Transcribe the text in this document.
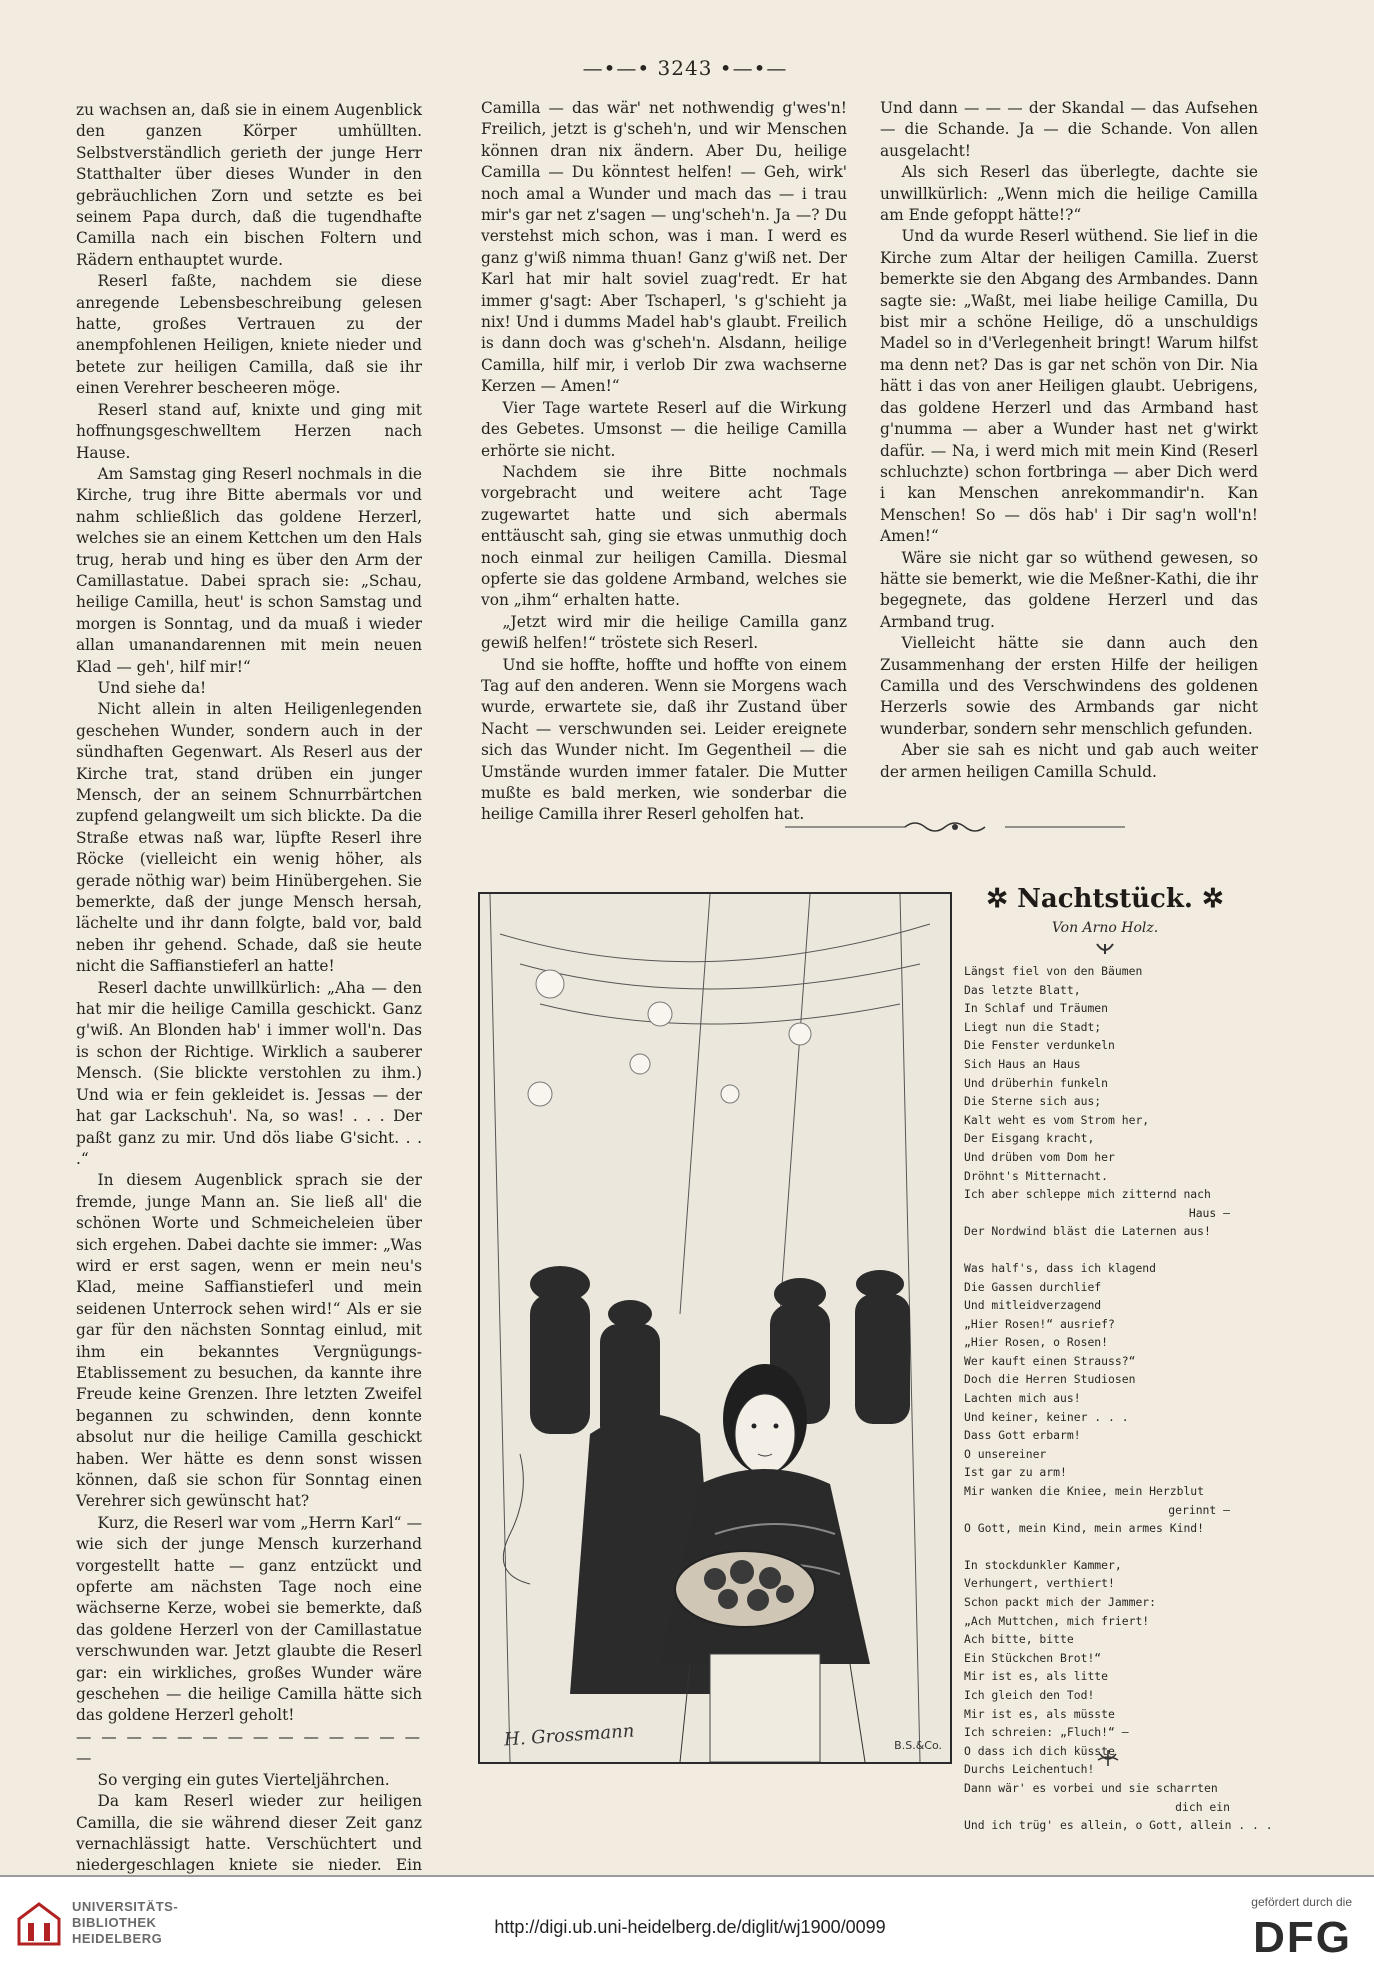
—•—• 3243 •—•—

zu wachsen an, daß sie in einem Augenblick den ganzen Körper umhüllten. Selbstverständlich gerieth der junge Herr Statthalter über dieses Wunder in den gebräuchlichen Zorn und setzte es bei seinem Papa durch, daß die tugendhafte Camilla nach ein bischen Foltern und Rädern enthauptet wurde.

Reserl faßte, nachdem sie diese anregende Lebensbeschreibung gelesen hatte, großes Vertrauen zu der anempfohlenen Heiligen, kniete nieder und betete zur heiligen Camilla, daß sie ihr einen Verehrer bescheeren möge.

Reserl stand auf, knixte und ging mit hoffnungsgeschwelltem Herzen nach Hause.

Am Samstag ging Reserl nochmals in die Kirche, trug ihre Bitte abermals vor und nahm schließlich das goldene Herzerl, welches sie an einem Kettchen um den Hals trug, herab und hing es über den Arm der Camillastatue. Dabei sprach sie: „Schau, heilige Camilla, heut' is schon Samstag und morgen is Sonntag, und da muaß i wieder allan umanandarennen mit mein neuen Klad — geh', hilf mir!“

Und siehe da!

Nicht allein in alten Heiligenlegenden geschehen Wunder, sondern auch in der sündhaften Gegenwart. Als Reserl aus der Kirche trat, stand drüben ein junger Mensch, der an seinem Schnurrbärtchen zupfend gelangweilt um sich blickte. Da die Straße etwas naß war, lüpfte Reserl ihre Röcke (vielleicht ein wenig höher, als gerade nöthig war) beim Hinübergehen. Sie bemerkte, daß der junge Mensch hersah, lächelte und ihr dann folgte, bald vor, bald neben ihr gehend. Schade, daß sie heute nicht die Saffianstieferl an hatte!

Reserl dachte unwillkürlich: „Aha — den hat mir die heilige Camilla geschickt. Ganz g'wiß. An Blonden hab' i immer woll'n. Das is schon der Richtige. Wirklich a sauberer Mensch. (Sie blickte verstohlen zu ihm.) Und wia er fein gekleidet is. Jessas — der hat gar Lackschuh'. Na, so was! . . . Der paßt ganz zu mir. Und dös liabe G'sicht. . . .“

In diesem Augenblick sprach sie der fremde, junge Mann an. Sie ließ all' die schönen Worte und Schmeicheleien über sich ergehen. Dabei dachte sie immer: „Was wird er erst sagen, wenn er mein neu's Klad, meine Saffianstieferl und mein seidenen Unterrock sehen wird!“ Als er sie gar für den nächsten Sonntag einlud, mit ihm ein bekanntes Vergnügungs-Etablissement zu besuchen, da kannte ihre Freude keine Grenzen. Ihre letzten Zweifel begannen zu schwinden, denn konnte absolut nur die heilige Camilla geschickt haben. Wer hätte es denn sonst wissen können, daß sie schon für Sonntag einen Verehrer sich gewünscht hat?

Kurz, die Reserl war vom „Herrn Karl“ — wie sich der junge Mensch kurzerhand vorgestellt hatte — ganz entzückt und opferte am nächsten Tage noch eine wächserne Kerze, wobei sie bemerkte, daß das goldene Herzerl von der Camillastatue verschwunden war. Jetzt glaubte die Reserl gar: ein wirkliches, großes Wunder wäre geschehen — die heilige Camilla hätte sich das goldene Herzerl geholt!

— — — — — — — — — — — — — — —

So verging ein gutes Vierteljährchen.

Da kam Reserl wieder zur heiligen Camilla, die sie während dieser Zeit ganz vernachlässigt hatte. Verschüchtert und niedergeschlagen kniete sie nieder. Ein

Camilla — das wär' net nothwendig g'wes'n! Freilich, jetzt is g'scheh'n, und wir Menschen können dran nix ändern. Aber Du, heilige Camilla — Du könntest helfen! — Geh, wirk' noch amal a Wunder und mach das — i trau mir's gar net z'sagen — ung'scheh'n. Ja —? Du verstehst mich schon, was i man. I werd es ganz g'wiß nimma thuan! Ganz g'wiß net. Der Karl hat mir halt soviel zuag'redt. Er hat immer g'sagt: Aber Tschaperl, 's g'schieht ja nix! Und i dumms Madel hab's glaubt. Freilich is dann doch was g'scheh'n. Alsdann, heilige Camilla, hilf mir, i verlob Dir zwa wachserne Kerzen — Amen!“

Vier Tage wartete Reserl auf die Wirkung des Gebetes. Umsonst — die heilige Camilla erhörte sie nicht.

Nachdem sie ihre Bitte nochmals vorgebracht und weitere acht Tage zugewartet hatte und sich abermals enttäuscht sah, ging sie etwas unmuthig doch noch einmal zur heiligen Camilla. Diesmal opferte sie das goldene Armband, welches sie von „ihm“ erhalten hatte.

„Jetzt wird mir die heilige Camilla ganz gewiß helfen!“ tröstete sich Reserl.

Und sie hoffte, hoffte und hoffte von einem Tag auf den anderen. Wenn sie Morgens wach wurde, erwartete sie, daß ihr Zustand über Nacht — verschwunden sei. Leider ereignete sich das Wunder nicht. Im Gegentheil — die Umstände wurden immer fataler. Die Mutter mußte es bald merken, wie sonderbar die heilige Camilla ihrer Reserl geholfen hat.

Und dann — — — der Skandal — das Aufsehen — die Schande. Ja — die Schande. Von allen ausgelacht!

Als sich Reserl das überlegte, dachte sie unwillkürlich: „Wenn mich die heilige Camilla am Ende gefoppt hätte!?“

Und da wurde Reserl wüthend. Sie lief in die Kirche zum Altar der heiligen Camilla. Zuerst bemerkte sie den Abgang des Armbandes. Dann sagte sie: „Waßt, mei liabe heilige Camilla, Du bist mir a schöne Heilige, dö a unschuldigs Madel so in d'Verlegenheit bringt! Warum hilfst ma denn net? Das is gar net schön von Dir. Nia hätt i das von aner Heiligen glaubt. Uebrigens, das goldene Herzerl und das Armband hast g'numma — aber a Wunder hast net g'wirkt dafür. — Na, i werd mich mit mein Kind (Reserl schluchzte) schon fortbringa — aber Dich werd i kan Menschen anrekommandir'n. Kan Menschen! So — dös hab' i Dir sag'n woll'n! Amen!“

Wäre sie nicht gar so wüthend gewesen, so hätte sie bemerkt, wie die Meßner-Kathi, die ihr begegnete, das goldene Herzerl und das Armband trug.

Vielleicht hätte sie dann auch den Zusammenhang der ersten Hilfe der heiligen Camilla und des Verschwindens des goldenen Herzerls sowie des Armbands gar nicht wunderbar, sondern sehr menschlich gefunden.

Aber sie sah es nicht und gab auch weiter der armen heiligen Camilla Schuld.

H. Grossmann	B.S.&Co.
✲ Nachtstück. ✲
Von Arno Holz.
Längst fiel von den Bäumen
Das letzte Blatt,
In Schlaf und Träumen
Liegt nun die Stadt;
Die Fenster verdunkeln
Sich Haus an Haus
Und drüberhin funkeln
Die Sterne sich aus;
Kalt weht es vom Strom her,
Der Eisgang kracht,
Und drüben vom Dom her
Dröhnt's Mitternacht.
Ich aber schleppe mich zitternd nach
Haus —
Der Nordwind bläst die Laternen aus!
Was half's, dass ich klagend
Die Gassen durchlief
Und mitleidverzagend
„Hier Rosen!“ ausrief?
„Hier Rosen, o Rosen!
Wer kauft einen Strauss?“
Doch die Herren Studiosen
Lachten mich aus!
Und keiner, keiner . . .
Dass Gott erbarm!
O unsereiner
Ist gar zu arm!
Mir wanken die Kniee, mein Herzblut
gerinnt —
O Gott, mein Kind, mein armes Kind!
In stockdunkler Kammer,
Verhungert, verthiert!
Schon packt mich der Jammer:
„Ach Muttchen, mich friert!
Ach bitte, bitte
Ein Stückchen Brot!“
Mir ist es, als litte
Ich gleich den Tod!
Mir ist es, als müsste
Ich schreien: „Fluch!“ —
O dass ich dich küsste
Durchs Leichentuch!
Dann wär' es vorbei und sie scharrten
dich ein
Und ich trüg' es allein, o Gott, allein . . .
UNIVERSITÄTS-
BIBLIOTHEK
HEIDELBERG
http://digi.ub.uni-heidelberg.de/diglit/wj1900/0099
gefördert durch die
DFG
